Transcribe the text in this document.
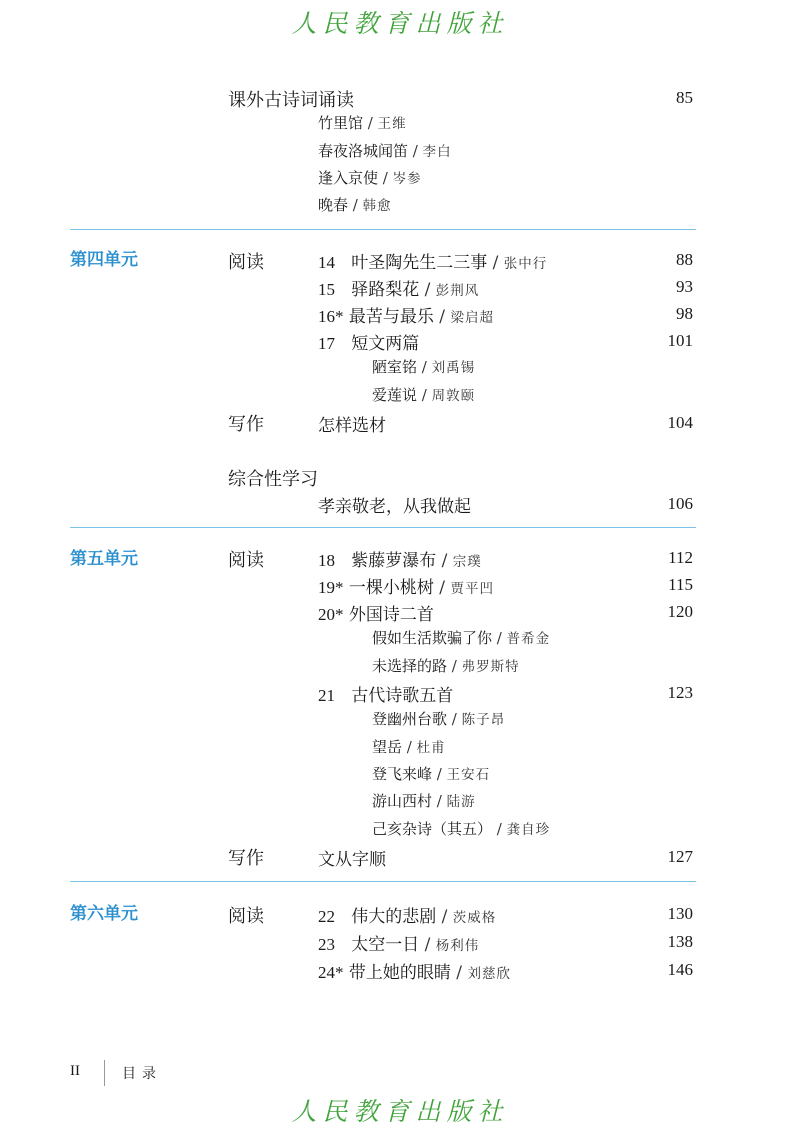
人民教育出版社
课外古诗词诵读	85
竹里馆 / 王维
春夜洛城闻笛 / 李白
逢入京使 / 岑参
晚春 / 韩愈
第四单元	阅读	14 叶圣陶先生二三事 / 张中行	88
15 驿路梨花 / 彭荆风	93
16* 最苦与最乐 / 梁启超	98
17 短文两篇	101
陋室铭 / 刘禹锡
爱莲说 / 周敦颐
写作	怎样选材	104
综合性学习
孝亲敬老，从我做起	106
第五单元	阅读	18 紫藤萝瀑布 / 宗璞	112
19* 一棵小桃树 / 贾平凹	115
20* 外国诗二首	120
假如生活欺骗了你 / 普希金
未选择的路 / 弗罗斯特
21 古代诗歌五首	123
登幽州台歌 / 陈子昂
望岳 / 杜甫
登飞来峰 / 王安石
游山西村 / 陆游
己亥杂诗（其五） / 龚自珍
写作	文从字顺	127
第六单元	阅读	22 伟大的悲剧 / 茨威格	130
23 太空一日 / 杨利伟	138
24* 带上她的眼睛 / 刘慈欣	146
II	目录
人民教育出版社
